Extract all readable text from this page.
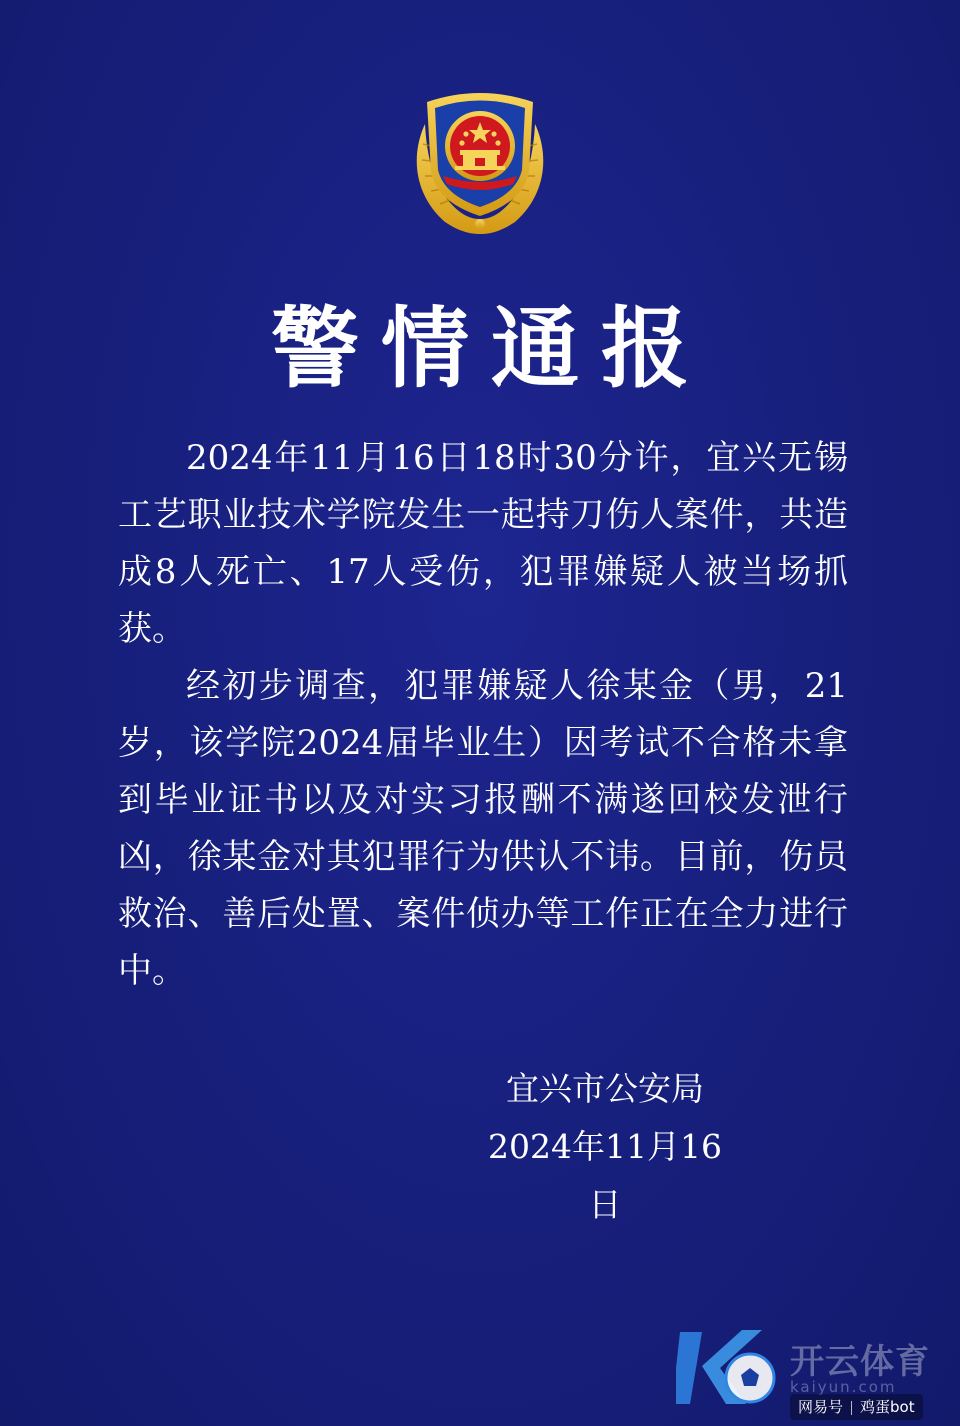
警情通报

2024年11月16日18时30分许，宜兴无锡工艺职业技术学院发生一起持刀伤人案件，共造成8人死亡、17人受伤，犯罪嫌疑人被当场抓获。

经初步调查，犯罪嫌疑人徐某金（男，21岁，该学院2024届毕业生）因考试不合格未拿到毕业证书以及对实习报酬不满遂回校发泄行凶，徐某金对其犯罪行为供认不讳。目前，伤员救治、善后处置、案件侦办等工作正在全力进行中。

宜兴市公安局
2024年11月16日
开云体育
kaiyun.com
网易号 鸡蛋bot
